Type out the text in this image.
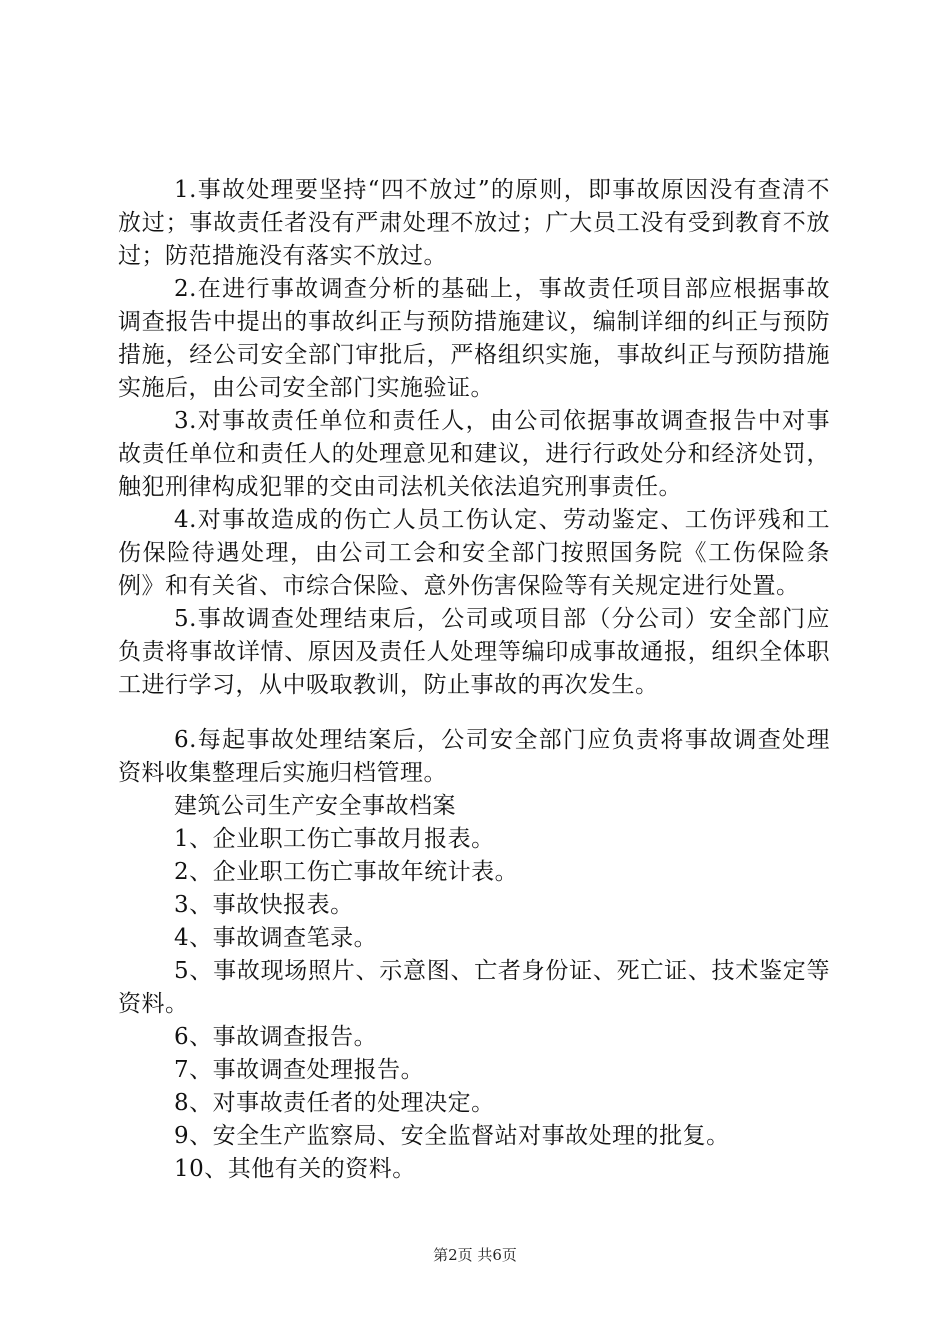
1.事故处理要坚持“四不放过”的原则，即事故原因没有查清不放过；事故责任者没有严肃处理不放过；广大员工没有受到教育不放过；防范措施没有落实不放过。

2.在进行事故调查分析的基础上，事故责任项目部应根据事故调查报告中提出的事故纠正与预防措施建议，编制详细的纠正与预防措施，经公司安全部门审批后，严格组织实施，事故纠正与预防措施实施后，由公司安全部门实施验证。

3.对事故责任单位和责任人，由公司依据事故调查报告中对事故责任单位和责任人的处理意见和建议，进行行政处分和经济处罚，触犯刑律构成犯罪的交由司法机关依法追究刑事责任。

4.对事故造成的伤亡人员工伤认定、劳动鉴定、工伤评残和工伤保险待遇处理，由公司工会和安全部门按照国务院《工伤保险条例》和有关省、市综合保险、意外伤害保险等有关规定进行处置。

5.事故调查处理结束后，公司或项目部（分公司）安全部门应负责将事故详情、原因及责任人处理等编印成事故通报，组织全体职工进行学习，从中吸取教训，防止事故的再次发生。

6.每起事故处理结案后，公司安全部门应负责将事故调查处理资料收集整理后实施归档管理。

建筑公司生产安全事故档案

1、企业职工伤亡事故月报表。

2、企业职工伤亡事故年统计表。

3、事故快报表。

4、事故调查笔录。

5、事故现场照片、示意图、亡者身份证、死亡证、技术鉴定等资料。

6、事故调查报告。

7、事故调查处理报告。

8、对事故责任者的处理决定。

9、安全生产监察局、安全监督站对事故处理的批复。

10、其他有关的资料。

第2页 共6页
